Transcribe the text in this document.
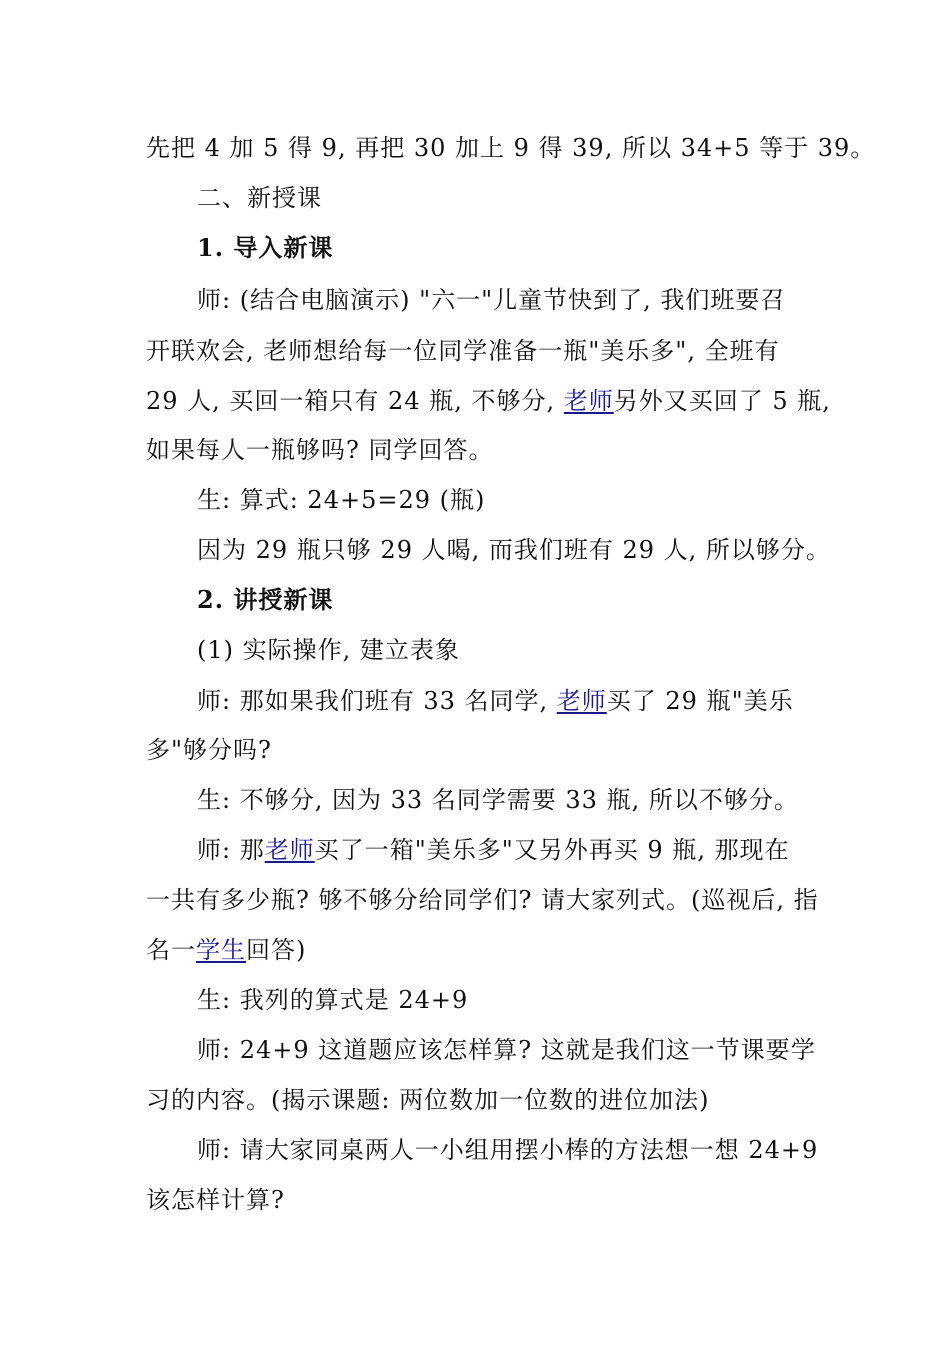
先把 4 加 5 得 9, 再把 30 加上 9 得 39, 所以 34+5 等于 39。
二、新授课
1. 导入新课
师: (结合电脑演示) "六一"儿童节快到了, 我们班要召
开联欢会, 老师想给每一位同学准备一瓶"美乐多", 全班有
29 人, 买回一箱只有 24 瓶, 不够分, 老师另外又买回了 5 瓶,
如果每人一瓶够吗? 同学回答。
生: 算式: 24+5=29 (瓶)
因为 29 瓶只够 29 人喝, 而我们班有 29 人, 所以够分。
2. 讲授新课
(1) 实际操作, 建立表象
师: 那如果我们班有 33 名同学, 老师买了 29 瓶"美乐
多"够分吗?
生: 不够分, 因为 33 名同学需要 33 瓶, 所以不够分。
师: 那老师买了一箱"美乐多"又另外再买 9 瓶, 那现在
一共有多少瓶? 够不够分给同学们? 请大家列式。(巡视后, 指
名一学生回答)
生: 我列的算式是 24+9
师: 24+9 这道题应该怎样算? 这就是我们这一节课要学
习的内容。(揭示课题: 两位数加一位数的进位加法)
师: 请大家同桌两人一小组用摆小棒的方法想一想 24+9
该怎样计算?
